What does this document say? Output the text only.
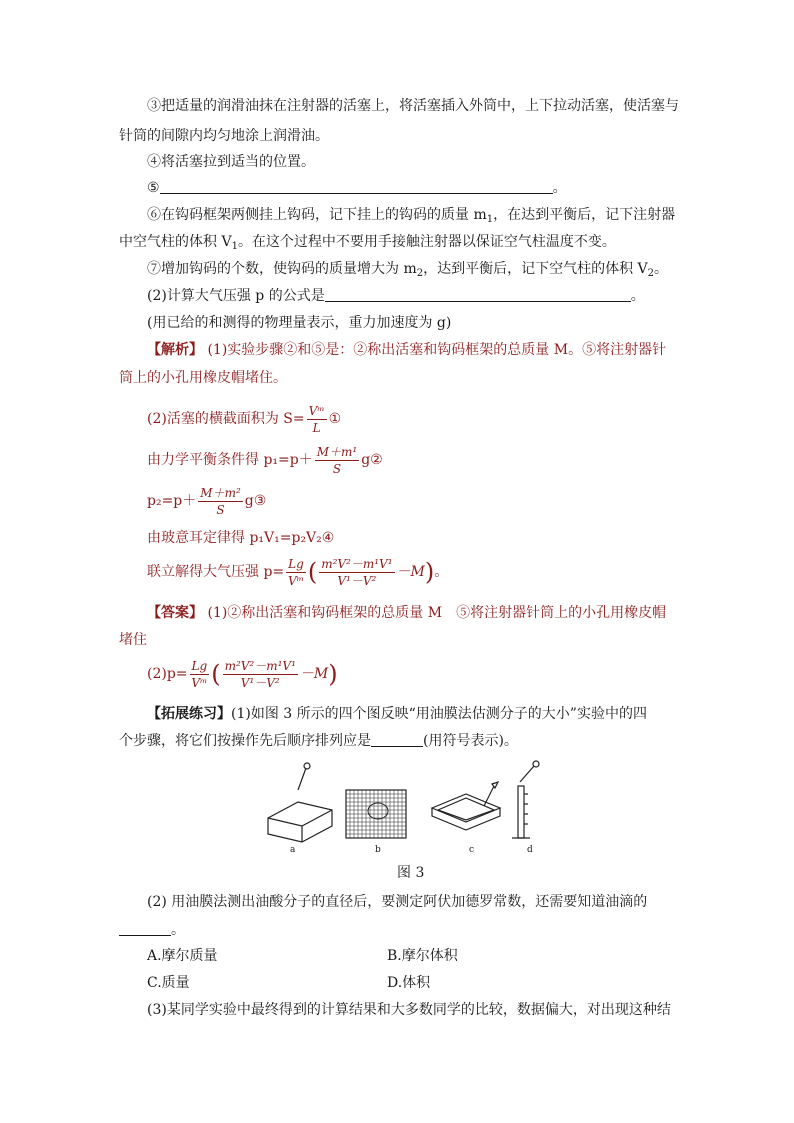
③把适量的润滑油抹在注射器的活塞上，将活塞插入外筒中，上下拉动活塞，使活塞与
针筒的间隙内均匀地涂上润滑油。
④将活塞拉到适当的位置。
⑤	。
⑥在钩码框架两侧挂上钩码，记下挂上的钩码的质量 $m_1$，在达到平衡后，记下注射器
中空气柱的体积 $V_1$。在这个过程中不要用手接触注射器以保证空气柱温度不变。
⑦增加钩码的个数，使钩码的质量增大为 $m_2$，达到平衡后，记下空气柱的体积 $V_2$。
(2)计算大气压强 p 的公式是	。
(用已给的和测得的物理量表示，重力加速度为 g)
【解析】 (1)实验步骤②和⑤是：②称出活塞和钩码框架的总质量 M。⑤将注射器针
筒上的小孔用橡皮帽堵住。
(2)活塞的横截面积为 $S= \frac{\text{Vᵐ}}{L}$ ①
由力学平衡条件得 $p_1=p+ \frac{\text{M＋m¹}}{S}$ g②
$p_2=p+ \frac{\text{M＋m²}}{S}$ g③
由玻意耳定律得 p₁V₁=p₂V₂④
联立解得大气压强 $p= \frac{Lg}{\text{Vᵐ}}$ ( $\frac{\text{m²V²－m¹V¹}}{\text{V¹－V²}} -M$)。
【答案】 (1)②称出活塞和钩码框架的总质量 M　⑤将注射器针筒上的小孔用橡皮帽
堵住
$(2)p= \frac{Lg}{\text{Vᵐ}}$ ( $\frac{\text{m²V²－m¹V¹}}{\text{V¹－V²}} -M$)
【拓展练习】(1)如图 3 所示的四个图反映“用油膜法估测分子的大小”实验中的四
个步骤，将它们按操作先后顺序排列应是	(用符号表示)。
a	b	c	d
图 3
(2) 用油膜法测出油酸分子的直径后，要测定阿伏加德罗常数，还需要知道油滴的
。
A.摩尔质量	B.摩尔体积
C.质量	D.体积
(3)某同学实验中最终得到的计算结果和大多数同学的比较，数据偏大，对出现这种结
